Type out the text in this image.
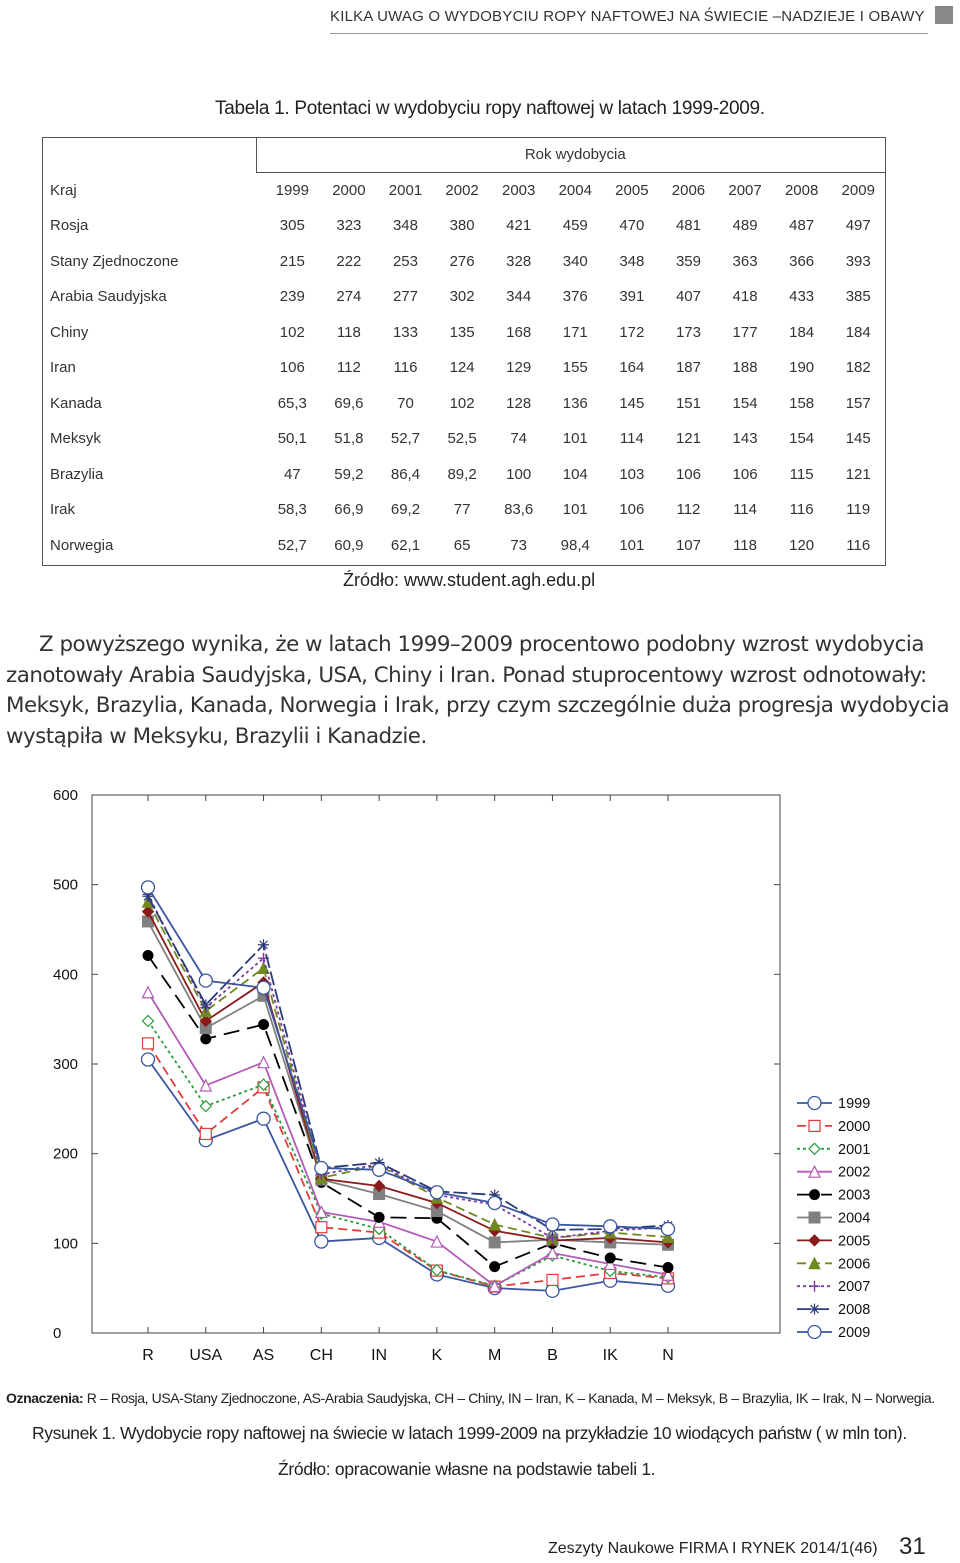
KILKA UWAG O WYDOBYCIU ROPY NAFTOWEJ NA ŚWIECIE –NADZIEJE I OBAWY
Tabela 1. Potentaci w wydobyciu ropy naftowej w latach 1999-2009.
	Rok wydobycia										
Kraj	1999	2000	2001	2002	2003	2004	2005	2006	2007	2008	2009
Rosja	305	323	348	380	421	459	470	481	489	487	497
Stany Zjednoczone	215	222	253	276	328	340	348	359	363	366	393
Arabia Saudyjska	239	274	277	302	344	376	391	407	418	433	385
Chiny	102	118	133	135	168	171	172	173	177	184	184
Iran	106	112	116	124	129	155	164	187	188	190	182
Kanada	65,3	69,6	70	102	128	136	145	151	154	158	157
Meksyk	50,1	51,8	52,7	52,5	74	101	114	121	143	154	145
Brazylia	47	59,2	86,4	89,2	100	104	103	106	106	115	121
Irak	58,3	66,9	69,2	77	83,6	101	106	112	114	116	119
Norwegia	52,7	60,9	62,1	65	73	98,4	101	107	118	120	116
Źródło: www.student.agh.edu.pl
Z powyższego wynika, że w latach 1999–2009 procentowo podobny wzrost wydobycia
zanotowały Arabia Saudyjska, USA, Chiny i Iran. Ponad stuprocentowy wzrost odnotowały:
Meksyk, Brazylia, Kanada, Norwegia i Irak, przy czym szczególnie duża progresja wydobycia
wystąpiła w Meksyku, Brazylii i Kanadzie.
0
100
200
300
400
500
600
R USA AS CH IN	K	M	B	IK	N
1999
2000
2001
2002
2003
2004
2005
2006
2007
2008
2009
Oznaczenia: R – Rosja, USA-Stany Zjednoczone, AS-Arabia Saudyjska, CH – Chiny, IN – Iran, K – Kanada, M – Meksyk, B – Brazylia, IK – Irak, N – Norwegia.
Rysunek 1. Wydobycie ropy naftowej na świecie w latach 1999-2009 na przykładzie 10 wiodących państw ( w mln ton).
Źródło: opracowanie własne na podstawie tabeli 1.
Zeszyty Naukowe FIRMA I RYNEK 2014/1(46) 31
